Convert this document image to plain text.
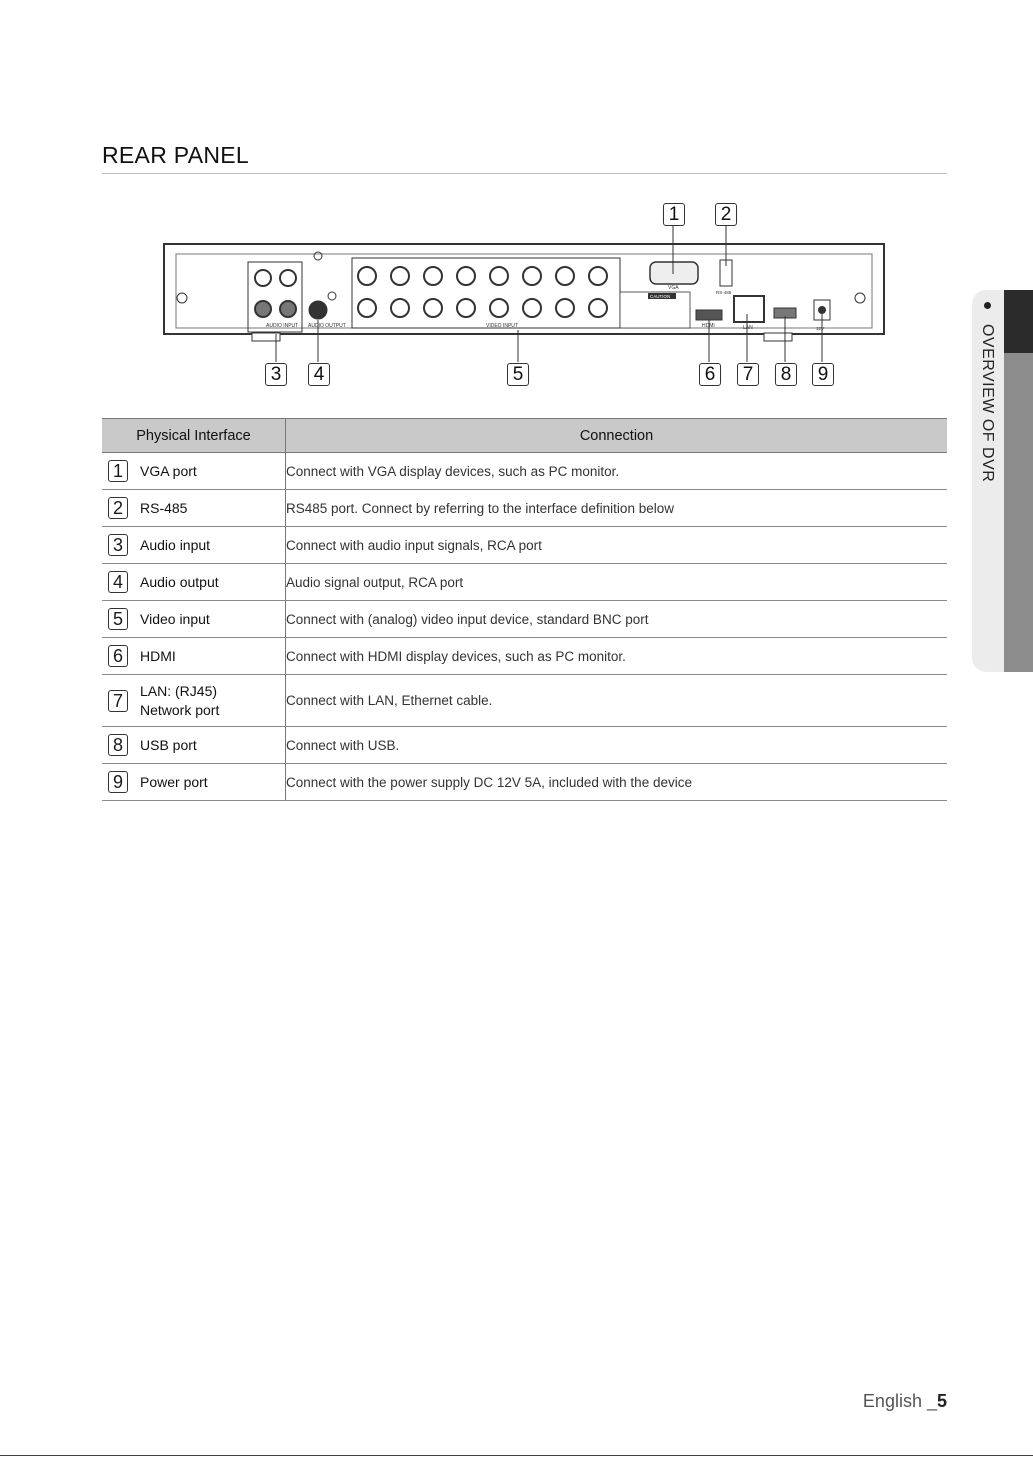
REAR PANEL
OVERVIEW OF DVR
AUDIO INPUT AUDIO OUTPUT	VIDEO INPUT
VGA
RS-485
CAUTION
HDMI	LAN	12V
1	2
3	4	5	6	7	8	9
Physical Interface	Connection

1 VGA port	Connect with VGA display devices, such as PC monitor.

2 RS-485	RS485 port. Connect by referring to the interface definition below

3 Audio input	Connect with audio input signals, RCA port

4 Audio output	Audio signal output, RCA port

5 Video input	Connect with (analog) video input device, standard BNC port

6 HDMI	Connect with HDMI display devices, such as PC monitor.

7 LAN: (RJ45)
Network port	Connect with LAN, Ethernet cable.

8 USB port	Connect with USB.

9 Power port	Connect with the power supply DC 12V 5A, included with the device
English _5
